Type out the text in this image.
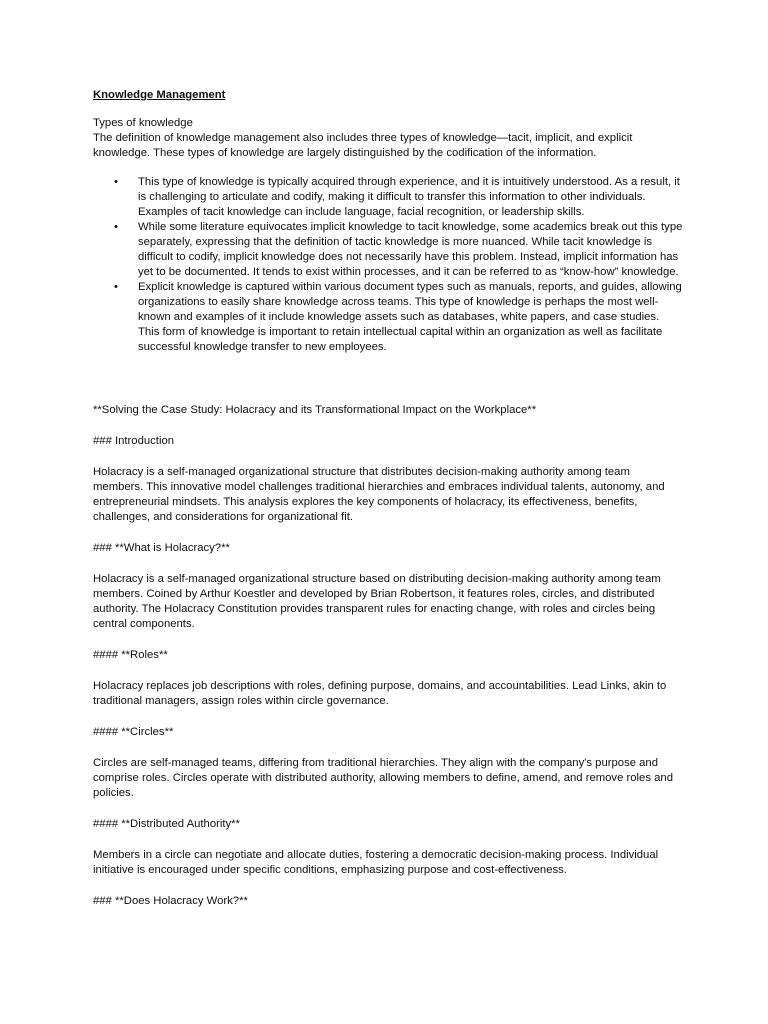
Knowledge Management

Types of knowledge

The definition of knowledge management also includes three types of knowledge—tacit, implicit, and explicit knowledge. These types of knowledge are largely distinguished by the codification of the information.

• This type of knowledge is typically acquired through experience, and it is intuitively understood. As a result, it is challenging to articulate and codify, making it difficult to transfer this information to other individuals. Examples of tacit knowledge can include language, facial recognition, or leadership skills.
• While some literature equivocates implicit knowledge to tacit knowledge, some academics break out this type separately, expressing that the definition of tactic knowledge is more nuanced. While tacit knowledge is difficult to codify, implicit knowledge does not necessarily have this problem. Instead, implicit information has yet to be documented. It tends to exist within processes, and it can be referred to as “know-how” knowledge.
• Explicit knowledge is captured within various document types such as manuals, reports, and guides, allowing organizations to easily share knowledge across teams. This type of knowledge is perhaps the most well-known and examples of it include knowledge assets such as databases, white papers, and case studies. This form of knowledge is important to retain intellectual capital within an organization as well as facilitate successful knowledge transfer to new employees.

**Solving the Case Study: Holacracy and its Transformational Impact on the Workplace**

### Introduction

Holacracy is a self-managed organizational structure that distributes decision-making authority among team members. This innovative model challenges traditional hierarchies and embraces individual talents, autonomy, and entrepreneurial mindsets. This analysis explores the key components of holacracy, its effectiveness, benefits, challenges, and considerations for organizational fit.

### **What is Holacracy?**

Holacracy is a self-managed organizational structure based on distributing decision-making authority among team members. Coined by Arthur Koestler and developed by Brian Robertson, it features roles, circles, and distributed authority. The Holacracy Constitution provides transparent rules for enacting change, with roles and circles being central components.

#### **Roles**

Holacracy replaces job descriptions with roles, defining purpose, domains, and accountabilities. Lead Links, akin to traditional managers, assign roles within circle governance.

#### **Circles**

Circles are self-managed teams, differing from traditional hierarchies. They align with the company's purpose and comprise roles. Circles operate with distributed authority, allowing members to define, amend, and remove roles and policies.

#### **Distributed Authority**

Members in a circle can negotiate and allocate duties, fostering a democratic decision-making process. Individual initiative is encouraged under specific conditions, emphasizing purpose and cost-effectiveness.

### **Does Holacracy Work?**
